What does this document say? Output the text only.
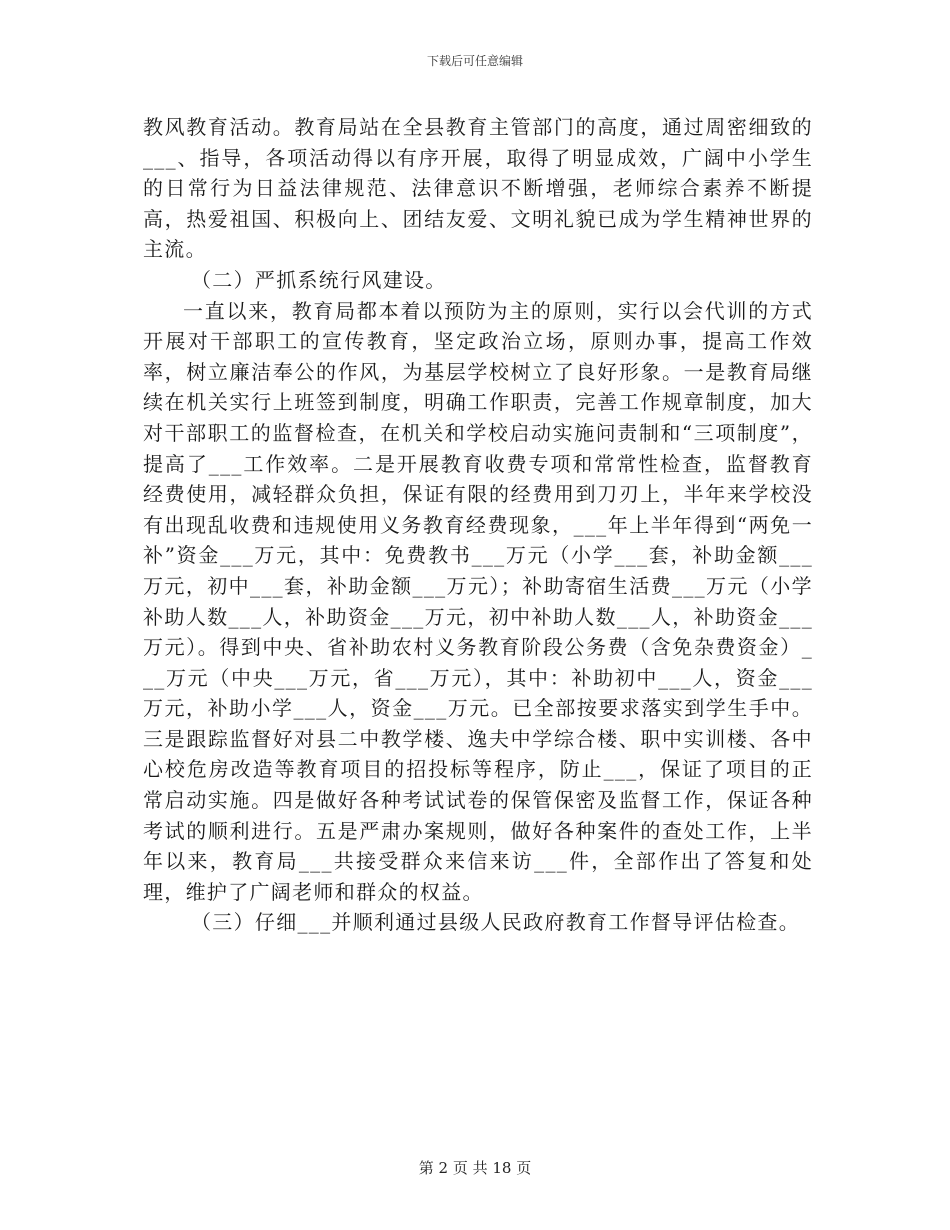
下载后可任意编辑

教风教育活动。教育局站在全县教育主管部门的高度，通过周密细致的___、指导，各项活动得以有序开展，取得了明显成效，广阔中小学生的日常行为日益法律规范、法律意识不断增强，老师综合素养不断提高，热爱祖国、积极向上、团结友爱、文明礼貌已成为学生精神世界的主流。

（二）严抓系统行风建设。

一直以来，教育局都本着以预防为主的原则，实行以会代训的方式开展对干部职工的宣传教育，坚定政治立场，原则办事，提高工作效率，树立廉洁奉公的作风，为基层学校树立了良好形象。一是教育局继续在机关实行上班签到制度，明确工作职责，完善工作规章制度，加大对干部职工的监督检查，在机关和学校启动实施问责制和“三项制度”，提高了___工作效率。二是开展教育收费专项和常常性检查，监督教育经费使用，减轻群众负担，保证有限的经费用到刀刃上，半年来学校没有出现乱收费和违规使用义务教育经费现象，___年上半年得到“两免一补”资金___万元，其中：免费教书___万元（小学___套，补助金额___万元，初中___套，补助金额___万元）；补助寄宿生活费___万元（小学补助人数___人，补助资金___万元，初中补助人数___人，补助资金___万元）。得到中央、省补助农村义务教育阶段公务费（含免杂费资金）___万元（中央___万元，省___万元），其中：补助初中___人，资金___万元，补助小学___人，资金___万元。已全部按要求落实到学生手中。三是跟踪监督好对县二中教学楼、逸夫中学综合楼、职中实训楼、各中心校危房改造等教育项目的招投标等程序，防止___，保证了项目的正常启动实施。四是做好各种考试试卷的保管保密及监督工作，保证各种考试的顺利进行。五是严肃办案规则，做好各种案件的查处工作，上半年以来，教育局___共接受群众来信来访___件，全部作出了答复和处理，维护了广阔老师和群众的权益。

（三）仔细___并顺利通过县级人民政府教育工作督导评估检查。

第 2 页 共 18 页
